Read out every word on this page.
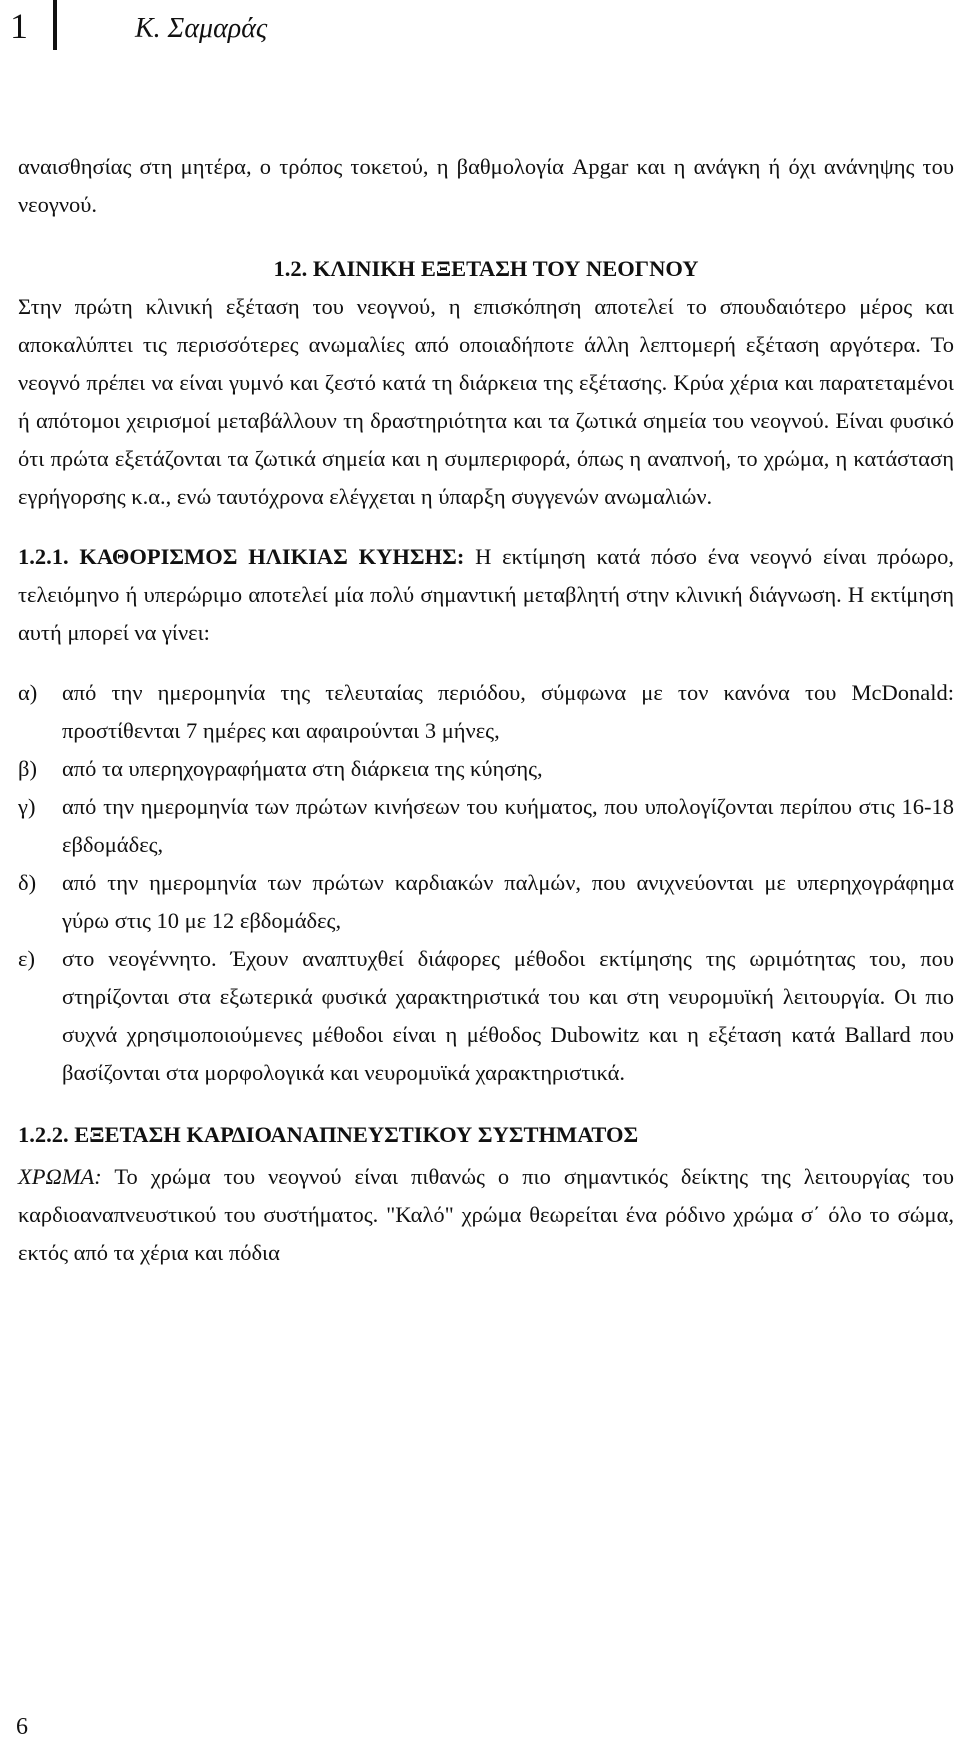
1	Κ. Σαμαράς

αναισθησίας στη μητέρα, ο τρόπος τοκετού, η βαθμολογία Apgar και η ανάγκη ή όχι ανάνηψης του νεογνού.

1.2. ΚΛΙΝΙΚΗ ΕΞΕΤΑΣΗ ΤΟΥ ΝΕΟΓΝΟΥ

Στην πρώτη κλινική εξέταση του νεογνού, η επισκόπηση αποτελεί το σπουδαιότερο μέρος και αποκαλύπτει τις περισσότερες ανωμαλίες από οποιαδήποτε άλλη λεπτομερή εξέταση αργότερα. Το νεογνό πρέπει να είναι γυμνό και ζεστό κατά τη διάρκεια της εξέτασης. Κρύα χέρια και παρατεταμένοι ή απότομοι χειρισμοί μεταβάλλουν τη δραστηριότητα και τα ζωτικά σημεία του νεογνού. Είναι φυσικό ότι πρώτα εξετάζονται τα ζωτικά σημεία και η συμπεριφορά, όπως η αναπνοή, το χρώμα, η κατάσταση εγρήγορσης κ.α., ενώ ταυτόχρονα ελέγχεται η ύπαρξη συγγενών ανωμαλιών.

1.2.1. ΚΑΘΟΡΙΣΜΟΣ ΗΛΙΚΙΑΣ ΚΥΗΣΗΣ: Η εκτίμηση κατά πόσο ένα νεογνό είναι πρόωρο, τελειόμηνο ή υπερώριμο αποτελεί μία πολύ σημαντική μεταβλητή στην κλινική διάγνωση. Η εκτίμηση αυτή μπορεί να γίνει:

α)	από την ημερομηνία της τελευταίας περιόδου, σύμφωνα με τον κανόνα του McDonald: προστίθενται 7 ημέρες και αφαιρούνται 3 μήνες,
β)	από τα υπερηχογραφήματα στη διάρκεια της κύησης,
γ)	από την ημερομηνία των πρώτων κινήσεων του κυήματος, που υπολογίζονται περίπου στις 16-18 εβδομάδες,
δ)	από την ημερομηνία των πρώτων καρδιακών παλμών, που ανιχνεύονται με υπερηχογράφημα γύρω στις 10 με 12 εβδομάδες,
ε)	στο νεογέννητο. Έχουν αναπτυχθεί διάφορες μέθοδοι εκτίμησης της ωριμότητας του, που στηρίζονται στα εξωτερικά φυσικά χαρακτηριστικά του και στη νευρομυϊκή λειτουργία. Οι πιο συχνά χρησιμοποιούμενες μέθοδοι είναι η μέθοδος Dubowitz και η εξέταση κατά Ballard που βασίζονται στα μορφολογικά και νευρομυϊκά χαρακτηριστικά.

1.2.2. ΕΞΕΤΑΣΗ ΚΑΡΔΙΟΑΝΑΠΝΕΥΣΤΙΚΟΥ ΣΥΣΤΗΜΑΤΟΣ

ΧΡΩΜΑ: Το χρώμα του νεογνού είναι πιθανώς ο πιο σημαντικός δείκτης της λειτουργίας του καρδιοαναπνευστικού του συστήματος. "Καλό" χρώμα θεωρείται ένα ρόδινο χρώμα σ΄ όλο το σώμα, εκτός από τα χέρια και πόδια

6
